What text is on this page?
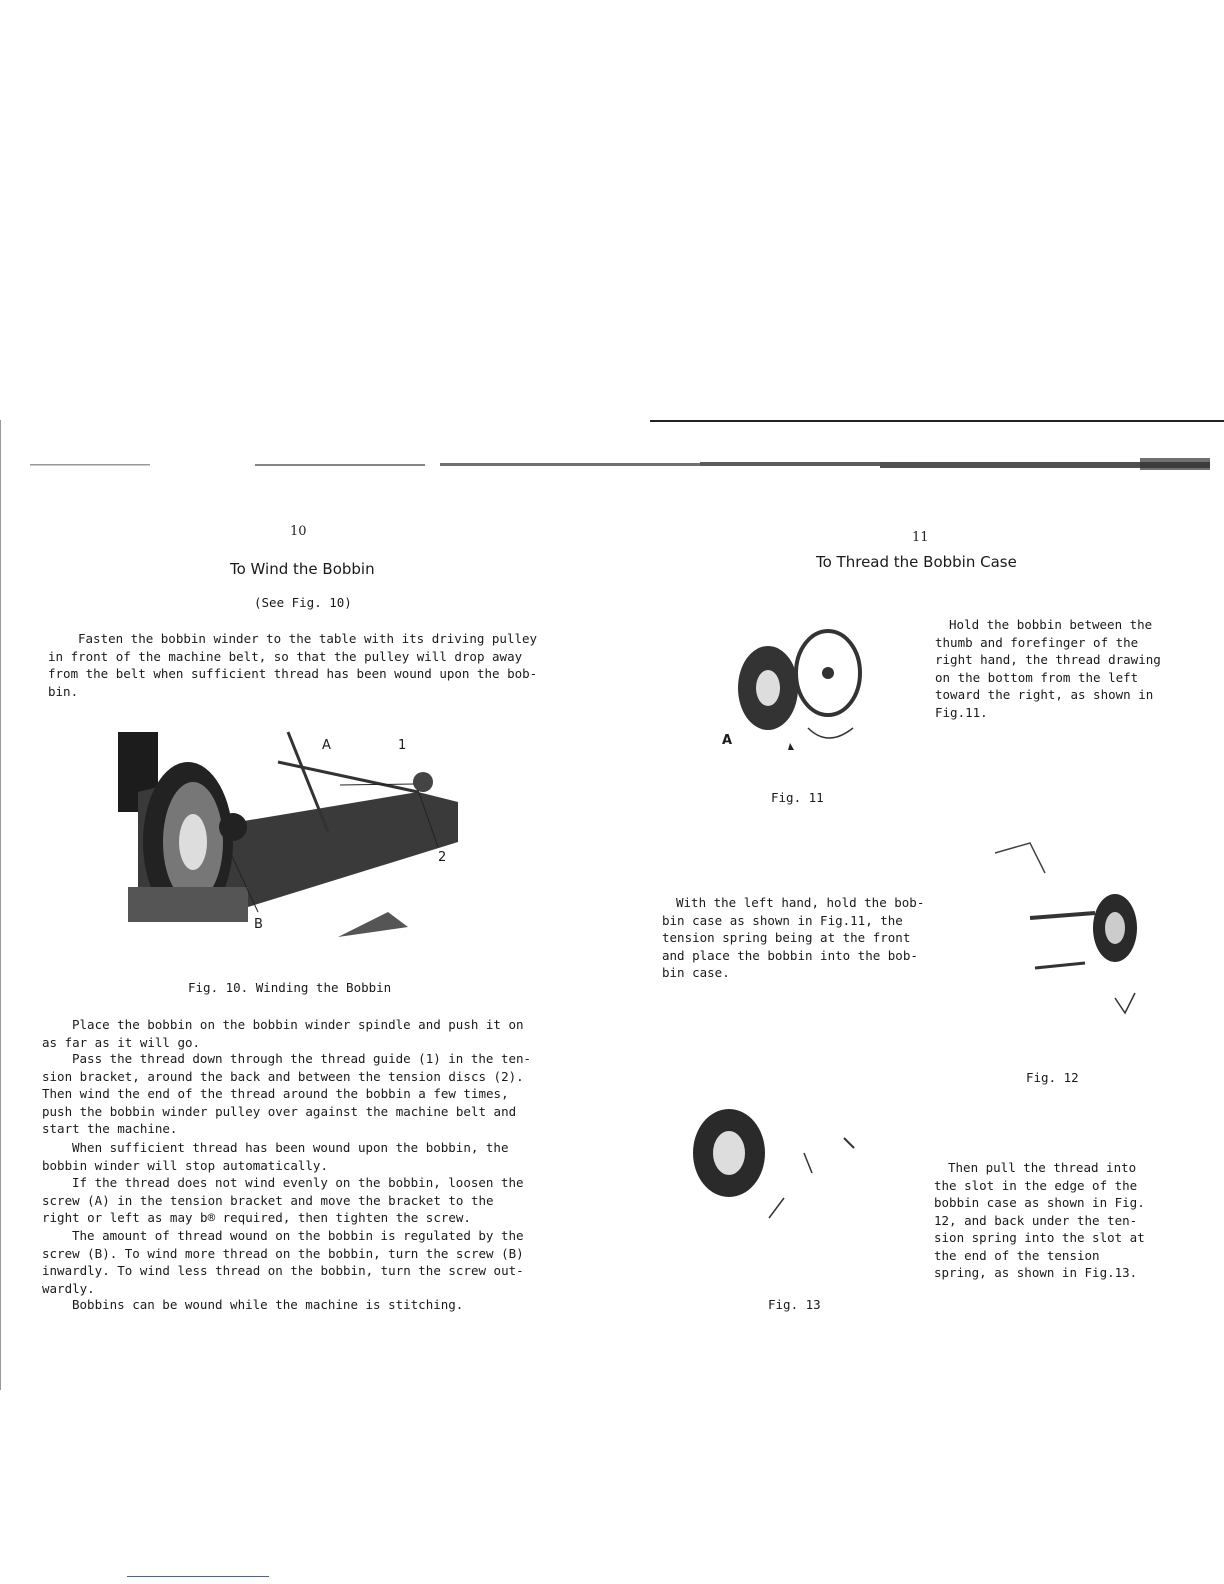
10
To Wind the Bobbin
(See Fig. 10)

Fasten the bobbin winder to the table with its driving pulley
in front of the machine belt, so that the pulley will drop away
from the belt when sufficient thread has been wound upon the bob-
bin.

A	1
2
B
Fig. 10. Winding the Bobbin

Place the bobbin on the bobbin winder spindle and push it on
as far as it will go.

Pass the thread down through the thread guide (1) in the ten-
sion bracket, around the back and between the tension discs (2).
Then wind the end of the thread around the bobbin a few times,
push the bobbin winder pulley over against the machine belt and
start the machine.

When sufficient thread has been wound upon the bobbin, the
bobbin winder will stop automatically.

If the thread does not wind evenly on the bobbin, loosen the
screw (A) in the tension bracket and move the bracket to the
right or left as may b® required, then tighten the screw.

The amount of thread wound on the bobbin is regulated by the
screw (B). To wind more thread on the bobbin, turn the screw (B)
inwardly. To wind less thread on the bobbin, turn the screw out-
wardly.

Bobbins can be wound while the machine is stitching.

11
To Thread the Bobbin Case
A
Fig. 11

Hold the bobbin between the
thumb and forefinger of the
right hand, the thread drawing
on the bottom from the left
toward the right, as shown in
Fig.11.

With the left hand, hold the bob-
bin case as shown in Fig.11, the
tension spring being at the front
and place the bobbin into the bob-
bin case.

Fig. 12
Fig. 13

Then pull the thread into
the slot in the edge of the
bobbin case as shown in Fig.
12, and back under the ten-
sion spring into the slot at
the end of the tension
spring, as shown in Fig.13.
